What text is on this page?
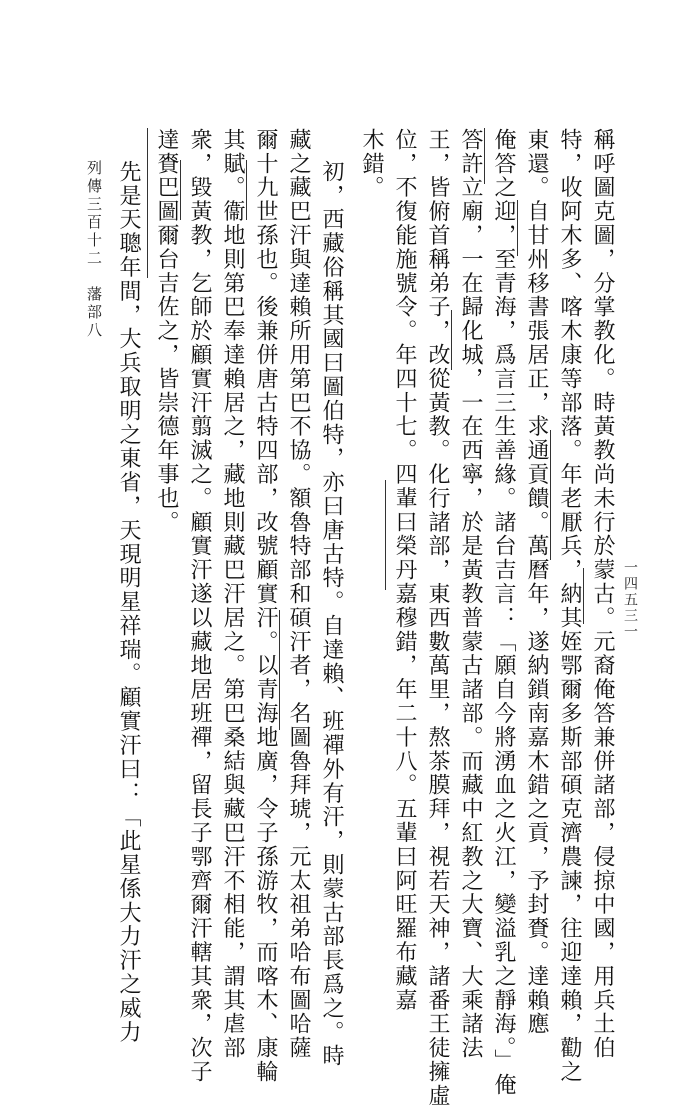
稱呼圖克圖，分掌教化。時黃教尚未行於蒙古。元裔俺答兼併諸部，侵掠中國，用兵土伯
特，收阿木多、喀木康等部落。年老厭兵，納其姪鄂爾多斯部碩克濟農諫，往迎達賴，勸之
東還。自甘州移書張居正，求通貢饋。萬曆年，遂納鎖南嘉木錯之貢，予封賚。達賴應
俺答之迎，至青海，爲言三生善緣。諸台吉言：「願自今將湧血之火江，變溢乳之靜海。」俺
答許立廟，一在歸化城，一在西寧，於是黃教普蒙古諸部。而藏中紅教之大寶、大乘諸法
王，皆俯首稱弟子，改從黃教。化行諸部，東西數萬里，熬茶膜拜，視若天神，諸番王徒擁虛
位，不復能施號令。年四十七。四輩曰榮丹嘉穆錯，年二十八。五輩曰阿旺羅布藏嘉
木錯。
初，西藏俗稱其國曰圖伯特，亦曰唐古特。自達賴、班禪外有汗，則蒙古部長爲之。時
藏之藏巴汗與達賴所用第巴不協。額魯特部和碩汗者，名圖魯拜琥，元太祖弟哈布圖哈薩
爾十九世孫也。後兼併唐古特四部，改號顧實汗。以青海地廣，令子孫游牧，而喀木、康輪
其賦。衞地則第巴奉達賴居之，藏地則藏巴汗居之。第巴桑結與藏巴汗不相能，謂其虐部
衆，毀黃教，乞師於顧實汗翦滅之。顧實汗遂以藏地居班禪，留長子鄂齊爾汗轄其衆，次子
達賚巴圖爾台吉佐之，皆崇德年事也。
先是天聰年間，大兵取明之東省，天現明星祥瑞。顧實汗曰：「此星係大力汗之威力
列傳三百十二　藩部八
一四五三一
